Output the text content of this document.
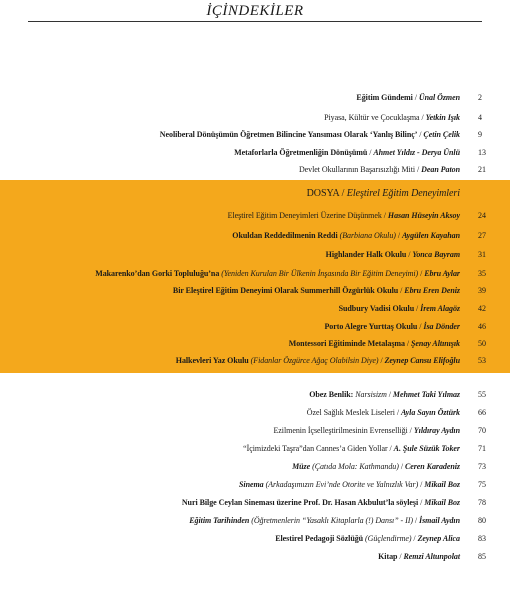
İÇİNDEKİLER
Eğitim Gündemi / Ünal Özmen 2
Piyasa, Kültür ve Çocuklaşma / Yetkin Işık 4
Neoliberal Dönüşümün Öğretmen Bilincine Yansıması Olarak ‘Yanlış Bilinç’ / Çetin Çelik 9
Metaforlarla Öğretmenliğin Dönüşümü / Ahmet Yıldız - Derya Ünlü 13
Devlet Okullarının Başarısızlığı Miti / Dean Paton 21
DOSYA / Eleştirel Eğitim Deneyimleri
Eleştirel Eğitim Deneyimleri Üzerine Düşünmek / Hasan Hüseyin Aksoy 24
Okuldan Reddedilmenin Reddi (Barbiana Okulu) / Aygülen Kayahan 27
Highlander Halk Okulu / Yonca Bayram 31
Makarenko’dan Gorki Topluluğu’na (Yeniden Kurulan Bir Ülkenin İnşasında Bir Eğitim Deneyimi) / Ebru Aylar 35
Bir Eleştirel Eğitim Deneyimi Olarak Summerhill Özgürlük Okulu / Ebru Eren Deniz 39
Sudbury Vadisi Okulu / İrem Alagöz 42
Porto Alegre Yurttaş Okulu / İsa Dönder 46
Montessori Eğitiminde Metalaşma / Şenay Altınışık 50
Halkevleri Yaz Okulu (Fidanlar Özgürce Ağaç Olabilsin Diye) / Zeynep Cansu Elifoğlu 53
Obez Benlik: Narsisizm / Mehmet Taki Yılmaz 55
Özel Sağlık Meslek Liseleri / Ayla Sayın Öztürk 66
Ezilmenin İçselleştirilmesinin Evrenselliği / Yıldıray Aydın 70
“İçimizdeki Taşra”dan Cannes’a Giden Yollar / A. Şule Süzük Toker 71
Müze (Çatıda Mola: Kathmandu) / Ceren Karadeniz 73
Sinema (Arkadaşımızın Evi’nde Otorite ve Yalnızlık Var) / Mikail Boz 75
Nuri Bilge Ceylan Sineması üzerine Prof. Dr. Hasan Akbulut’la söyleşi / Mikail Boz 78
Eğitim Tarihinden (Öğretmenlerin “Yasaklı Kitaplarla (!) Dansı” - II) / İsmail Aydın 80
Elestirel Pedagoji Sözlüğü (Güçlendirme) / Zeynep Alica 83
Kitap / Remzi Altunpolat 85
